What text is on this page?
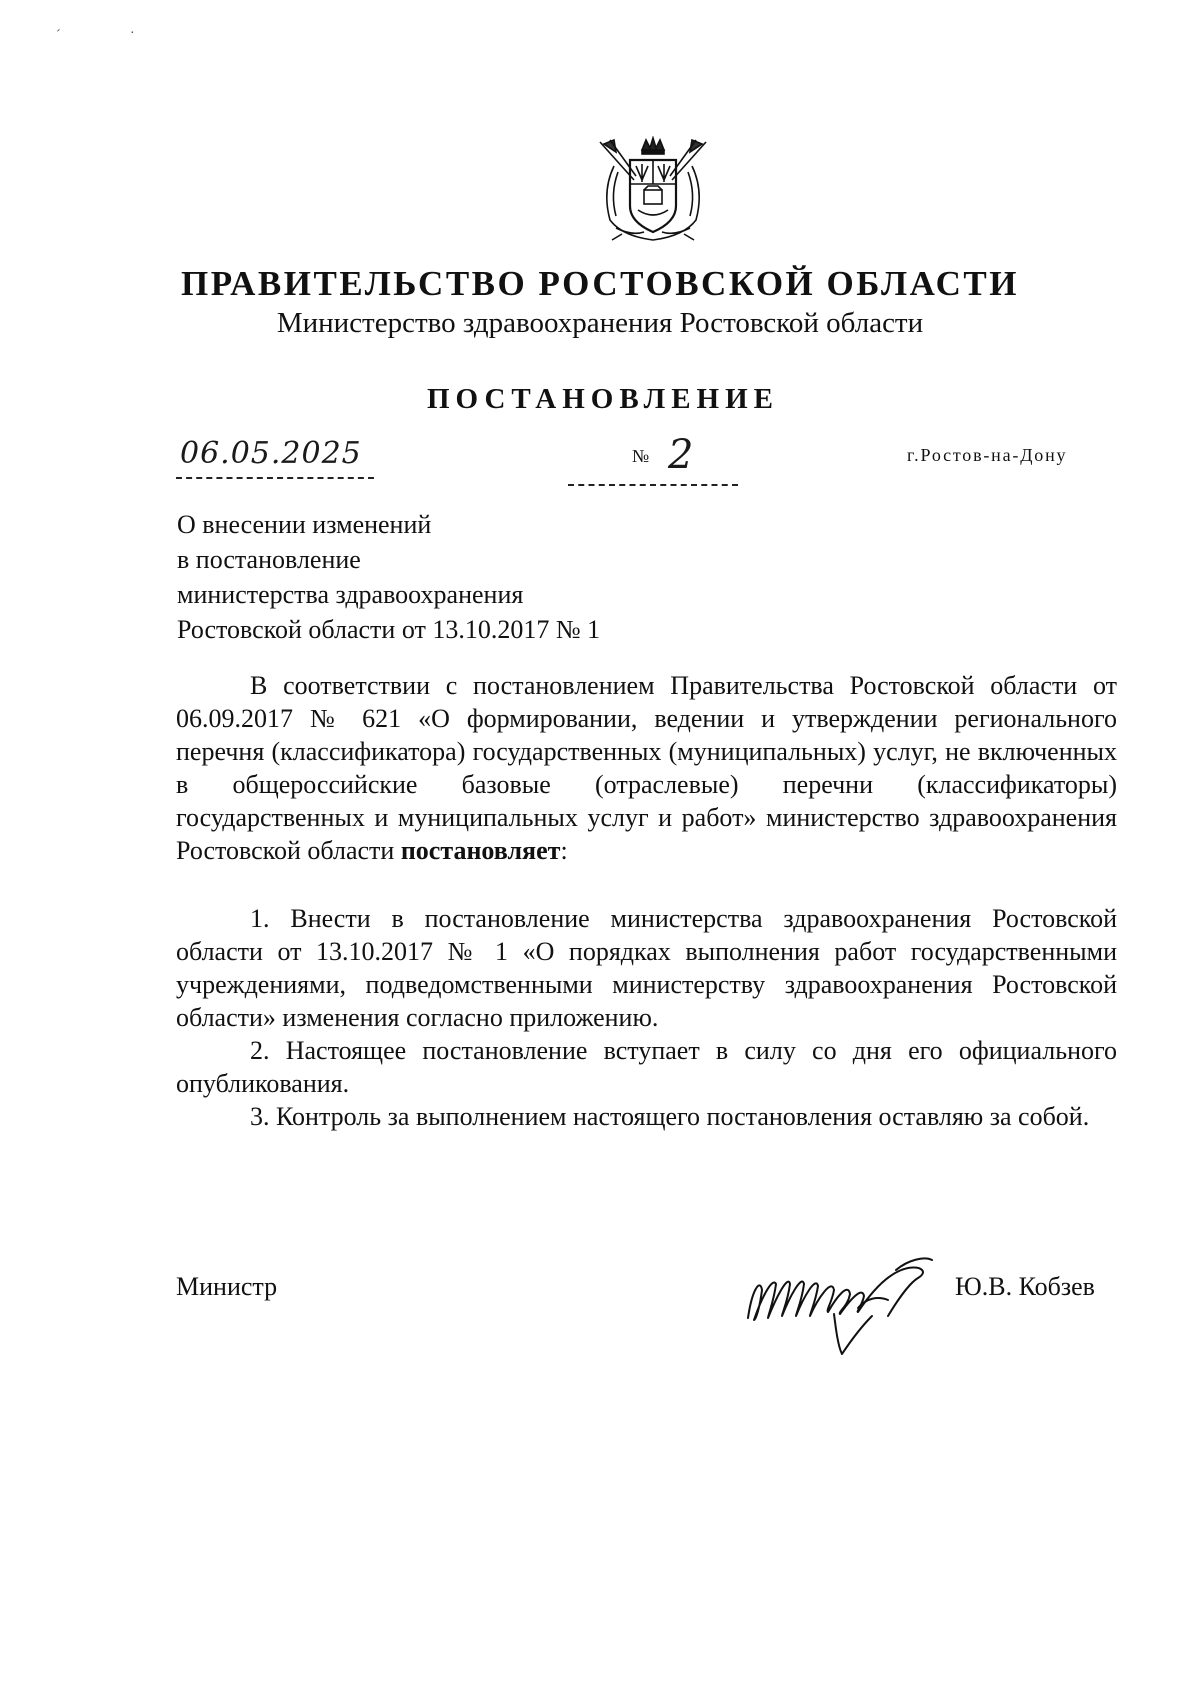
ˊ	·
ПРАВИТЕЛЬСТВО РОСТОВСКОЙ ОБЛАСТИ
Министерство здравоохранения Ростовской области
ПОСТАНОВЛЕНИЕ
06.05.2025	№ 2	г.Ростов-на-Дону
О внесении изменений
в постановление
министерства здравоохранения
Ростовской области от 13.10.2017 № 1

В соответствии с постановлением Правительства Ростовской области от 06.09.2017 № 621 «О формировании, ведении и утверждении регионального перечня (классификатора) государственных (муниципальных) услуг, не включенных в общероссийские базовые (отраслевые) перечни (классификаторы) государственных и муниципальных услуг и работ» министерство здравоохранения Ростовской области постановляет:

1. Внести в постановление министерства здравоохранения Ростовской области от 13.10.2017 № 1 «О порядках выполнения работ государственными учреждениями, подведомственными министерству здравоохранения Ростовской области» изменения согласно приложению.

2. Настоящее постановление вступает в силу со дня его официального опубликования.

3. Контроль за выполнением настоящего постановления оставляю за собой.

Министр	Ю.В. Кобзев
